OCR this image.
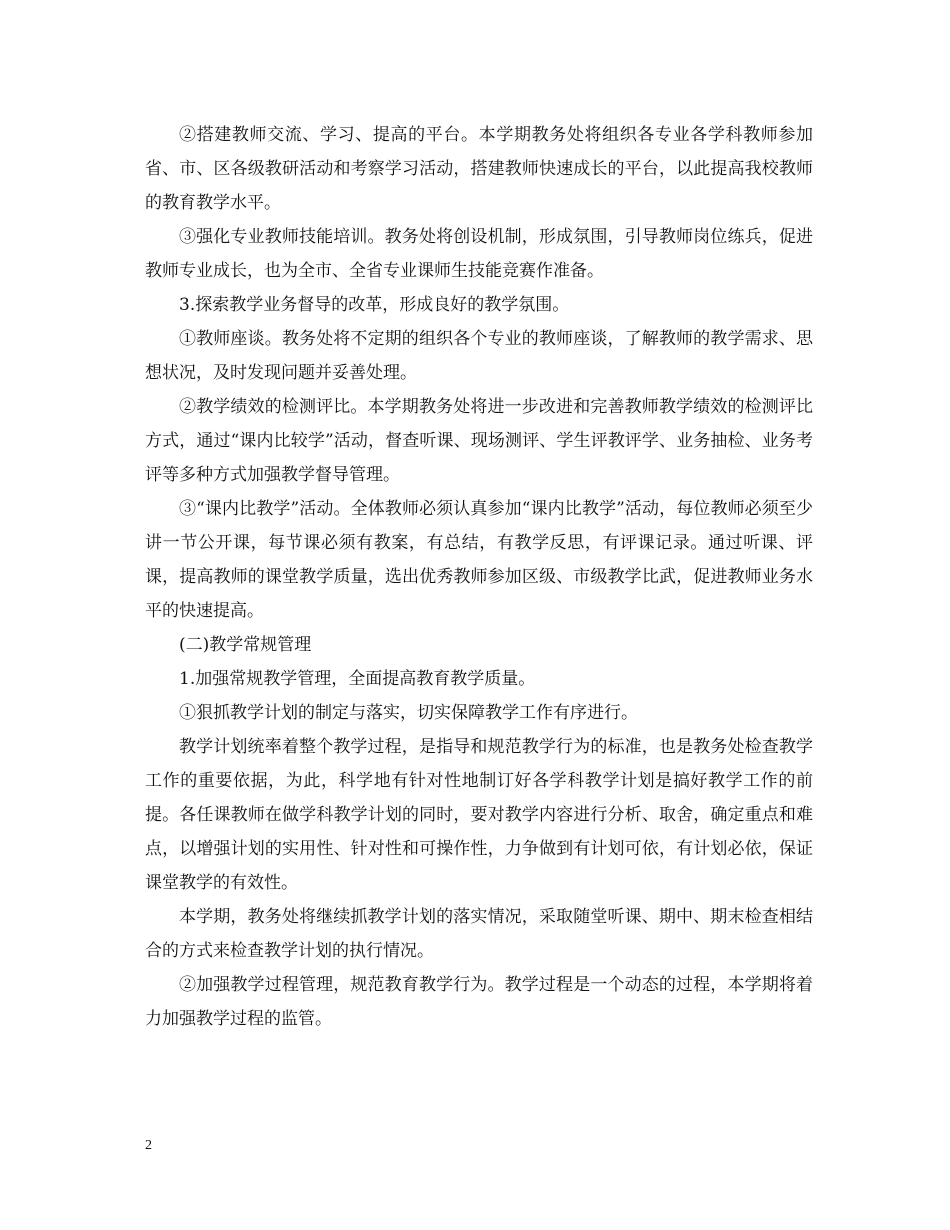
②搭建教师交流、学习、提高的平台。本学期教务处将组织各专业各学科教师参加省、市、区各级教研活动和考察学习活动，搭建教师快速成长的平台，以此提高我校教师的教育教学水平。

③强化专业教师技能培训。教务处将创设机制，形成氛围，引导教师岗位练兵，促进教师专业成长，也为全市、全省专业课师生技能竞赛作准备。

3.探索教学业务督导的改革，形成良好的教学氛围。

①教师座谈。教务处将不定期的组织各个专业的教师座谈，了解教师的教学需求、思想状况，及时发现问题并妥善处理。

②教学绩效的检测评比。本学期教务处将进一步改进和完善教师教学绩效的检测评比方式，通过“课内比较学”活动，督查听课、现场测评、学生评教评学、业务抽检、业务考评等多种方式加强教学督导管理。

③“课内比教学”活动。全体教师必须认真参加“课内比教学”活动，每位教师必须至少讲一节公开课，每节课必须有教案，有总结，有教学反思，有评课记录。通过听课、评课，提高教师的课堂教学质量，选出优秀教师参加区级、市级教学比武，促进教师业务水平的快速提高。

(二)教学常规管理

1.加强常规教学管理，全面提高教育教学质量。

①狠抓教学计划的制定与落实，切实保障教学工作有序进行。

教学计划统率着整个教学过程，是指导和规范教学行为的标准，也是教务处检查教学工作的重要依据，为此，科学地有针对性地制订好各学科教学计划是搞好教学工作的前提。各任课教师在做学科教学计划的同时，要对教学内容进行分析、取舍，确定重点和难点，以增强计划的实用性、针对性和可操作性，力争做到有计划可依，有计划必依，保证课堂教学的有效性。

本学期，教务处将继续抓教学计划的落实情况，采取随堂听课、期中、期末检查相结合的方式来检查教学计划的执行情况。

②加强教学过程管理，规范教育教学行为。教学过程是一个动态的过程，本学期将着力加强教学过程的监管。

2
